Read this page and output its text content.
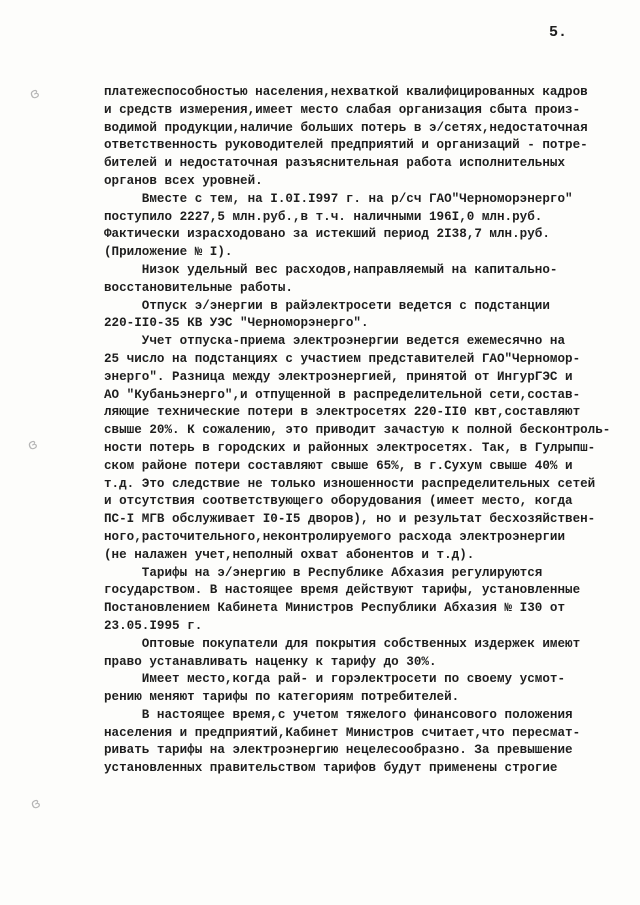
5.
ɞ
ɞ
ɞ
платежеспособностью населения,нехваткой квалифицированных кадров
и средств измерения,имеет место слабая организация сбыта произ-
водимой продукции,наличие больших потерь в э/сетях,недостаточная
ответственность руководителей предприятий и организаций - потре-
бителей и недостаточная разъяснительная работа исполнительных
органов всех уровней.
Вместе с тем, на I.0I.I997 г. на р/сч ГАО"Черноморэнерго"
поступило 2227,5 млн.руб.,в т.ч. наличными 196I,0 млн.руб.
Фактически израсходовано за истекший период 2I38,7 млн.руб.
(Приложение № I).
Низок удельный вес расходов,направляемый на капитально-
восстановительные работы.
Отпуск э/энергии в райэлектросети ведется с подстанции
220-II0-35 КВ УЭС "Черноморэнерго".
Учет отпуска-приема электроэнергии ведется ежемесячно на
25 число на подстанциях с участием представителей ГАО"Черномор-
энерго". Разница между электроэнергией, принятой от ИнгурГЭС и
АО "Кубаньэнерго",и отпущенной в распределительной сети,состав-
ляющие технические потери в электросетях 220-II0 квт,составляют
свыше 20%. К сожалению, это приводит зачастую к полной бесконтроль-
ности потерь в городских и районных электросетях. Так, в Гулрыпш-
ском районе потери составляют свыше 65%, в г.Сухум свыше 40% и
т.д. Это следствие не только изношенности распределительных сетей
и отсутствия соответствующего оборудования (имеет место, когда
ПС-I МГВ обслуживает I0-I5 дворов), но и результат бесхозяйствен-
ного,расточительного,неконтролируемого расхода электроэнергии
(не налажен учет,неполный охват абонентов и т.д).
Тарифы на э/энергию в Республике Абхазия регулируются
государством. В настоящее время действуют тарифы, установленные
Постановлением Кабинета Министров Республики Абхазия № I30 от
23.05.I995 г.
Оптовые покупатели для покрытия собственных издержек имеют
право устанавливать наценку к тарифу до 30%.
Имеет место,когда рай- и горэлектросети по своему усмот-
рению меняют тарифы по категориям потребителей.
В настоящее время,с учетом тяжелого финансового положения
населения и предприятий,Кабинет Министров считает,что пересмат-
ривать тарифы на электроэнергию нецелесообразно. За превышение
установленных правительством тарифов будут применены строгие
